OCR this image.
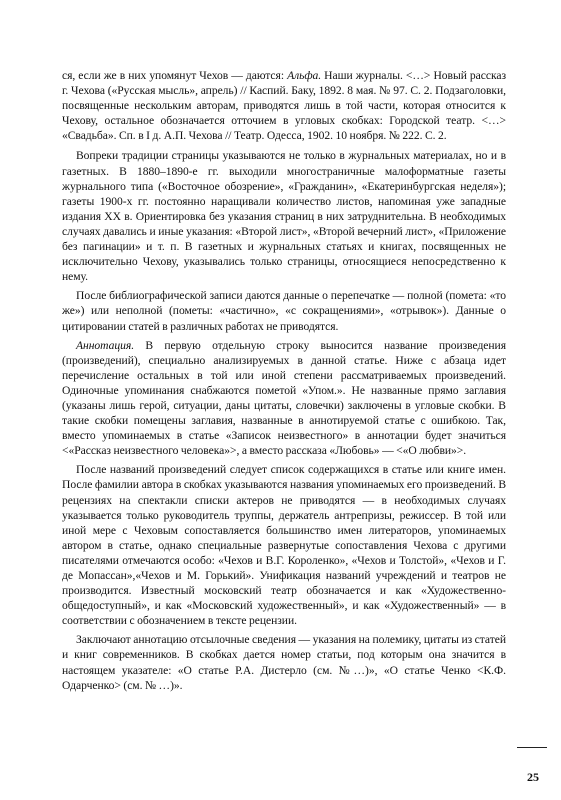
ся, если же в них упомянут Чехов — даются: Альфа. Наши журналы. <…> Новый рассказ г. Чехова («Русская мысль», апрель) // Каспий. Баку, 1892. 8 мая. № 97. С. 2. Подзаголовки, посвященные нескольким авторам, приводятся лишь в той части, которая относится к Чехову, остальное обозначается отточием в угловых скобках: Городской театр. <…> «Свадьба». Сп. в I д. А.П. Чехова // Театр. Одесса, 1902. 10 ноября. № 222. С. 2.

Вопреки традиции страницы указываются не только в журнальных материалах, но и в газетных. В 1880–1890-е гг. выходили многостраничные малоформатные газеты журнального типа («Восточное обозрение», «Гражданин», «Екатеринбургская неделя»); газеты 1900-х гг. постоянно наращивали количество листов, напоминая уже западные издания ХХ в. Ориентировка без указания страниц в них затруднительна. В необходимых случаях давались и иные указания: «Второй лист», «Второй вечерний лист», «Приложение без пагинации» и т. п. В газетных и журнальных статьях и книгах, посвященных не исключительно Чехову, указывались только страницы, относящиеся непосредственно к нему.

После библиографической записи даются данные о перепечатке — полной (помета: «то же») или неполной (пометы: «частично», «с сокращениями», «отрывок»). Данные о цитировании статей в различных работах не приводятся.

Аннотация. В первую отдельную строку выносится название произведения (произведений), специально анализируемых в данной статье. Ниже с абзаца идет перечисление остальных в той или иной степени рассматриваемых произведений. Одиночные упоминания снабжаются пометой «Упом.». Не названные прямо заглавия (указаны лишь герой, ситуации, даны цитаты, словечки) заключены в угловые скобки. В такие скобки помещены заглавия, названные в аннотируемой статье с ошибкою. Так, вместо упоминаемых в статье «Записок неизвестного» в аннотации будет значиться <«Рассказ неизвестного человека»>, а вместо рассказа «Любовь» — <«О любви»>.

После названий произведений следует список содержащихся в статье или книге имен. После фамилии автора в скобках указываются названия упоминаемых его произведений. В рецензиях на спектакли списки актеров не приводятся — в необходимых случаях указывается только руководитель труппы, держатель антрепризы, режиссер. В той или иной мере с Чеховым сопоставляется большинство имен литераторов, упоминаемых автором в статье, однако специальные развернутые сопоставления Чехова с другими писателями отмечаются особо: «Чехов и В.Г. Короленко», «Чехов и Толстой», «Чехов и Г. де Мопассан»,«Чехов и М. Горький». Унификация названий учреждений и театров не производится. Известный московский театр обозначается и как «Художественно-общедоступный», и как «Московский художественный», и как «Художественный» — в соответствии с обозначением в тексте рецензии.

Заключают аннотацию отсылочные сведения — указания на полемику, цитаты из статей и книг современников. В скобках дается номер статьи, под которым она значится в настоящем указателе: «О статье Р.А. Дистерло (см. №…)», «О статье Ченко <К.Ф. Одарченко> (см. № …)».

25
